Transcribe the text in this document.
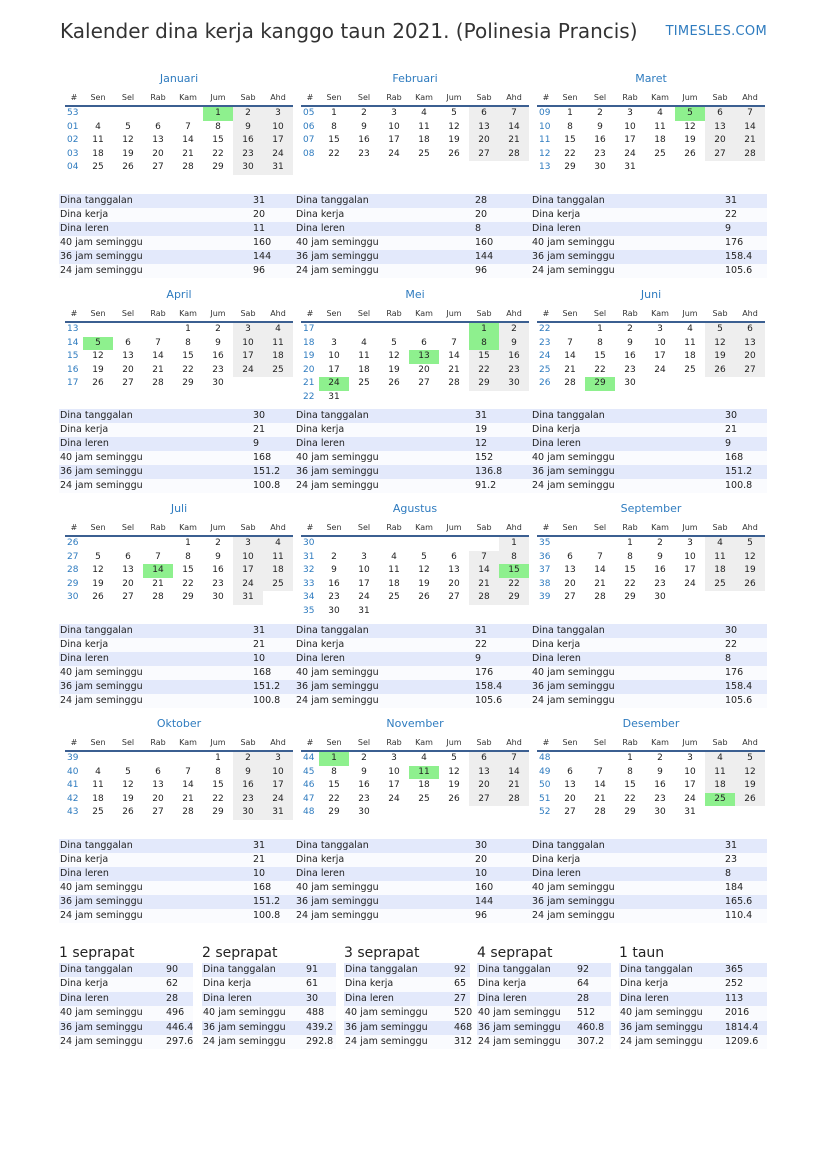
Kalender dina kerja kanggo taun 2021. (Polinesia Prancis) TIMESLES.COM
Januari
#	Sen	Sel	Rab	Kam	Jum	Sab	Ahd
53					1	2	3
01	4	5	6	7	8	9	10
02	11	12	13	14	15	16	17
03	18	19	20	21	22	23	24
04	25	26	27	28	29	30	31
Dina tanggalan	31
Dina kerja	20
Dina leren	11
40 jam seminggu	160
36 jam seminggu	144
24 jam seminggu	96
Februari
#	Sen	Sel	Rab	Kam	Jum	Sab	Ahd
05	1	2	3	4	5	6	7
06	8	9	10	11	12	13	14
07	15	16	17	18	19	20	21
08	22	23	24	25	26	27	28
Dina tanggalan	28
Dina kerja	20
Dina leren	8
40 jam seminggu	160
36 jam seminggu	144
24 jam seminggu	96
Maret
#	Sen	Sel	Rab	Kam	Jum	Sab	Ahd
09	1	2	3	4	5	6	7
10	8	9	10	11	12	13	14
11	15	16	17	18	19	20	21
12	22	23	24	25	26	27	28
13	29	30	31				
Dina tanggalan	31
Dina kerja	22
Dina leren	9
40 jam seminggu	176
36 jam seminggu	158.4
24 jam seminggu	105.6
April
#	Sen	Sel	Rab	Kam	Jum	Sab	Ahd
13				1	2	3	4
14	5	6	7	8	9	10	11
15	12	13	14	15	16	17	18
16	19	20	21	22	23	24	25
17	26	27	28	29	30		
Dina tanggalan	30
Dina kerja	21
Dina leren	9
40 jam seminggu	168
36 jam seminggu	151.2
24 jam seminggu	100.8
Mei
#	Sen	Sel	Rab	Kam	Jum	Sab	Ahd
17						1	2
18	3	4	5	6	7	8	9
19	10	11	12	13	14	15	16
20	17	18	19	20	21	22	23
21	24	25	26	27	28	29	30
22	31						
Dina tanggalan	31
Dina kerja	19
Dina leren	12
40 jam seminggu	152
36 jam seminggu	136.8
24 jam seminggu	91.2
Juni
#	Sen	Sel	Rab	Kam	Jum	Sab	Ahd
22		1	2	3	4	5	6
23	7	8	9	10	11	12	13
24	14	15	16	17	18	19	20
25	21	22	23	24	25	26	27
26	28	29	30				
Dina tanggalan	30
Dina kerja	21
Dina leren	9
40 jam seminggu	168
36 jam seminggu	151.2
24 jam seminggu	100.8
Juli
#	Sen	Sel	Rab	Kam	Jum	Sab	Ahd
26				1	2	3	4
27	5	6	7	8	9	10	11
28	12	13	14	15	16	17	18
29	19	20	21	22	23	24	25
30	26	27	28	29	30	31	
Dina tanggalan	31
Dina kerja	21
Dina leren	10
40 jam seminggu	168
36 jam seminggu	151.2
24 jam seminggu	100.8
Agustus
#	Sen	Sel	Rab	Kam	Jum	Sab	Ahd
30							1
31	2	3	4	5	6	7	8
32	9	10	11	12	13	14	15
33	16	17	18	19	20	21	22
34	23	24	25	26	27	28	29
35	30	31					
Dina tanggalan	31
Dina kerja	22
Dina leren	9
40 jam seminggu	176
36 jam seminggu	158.4
24 jam seminggu	105.6
September
#	Sen	Sel	Rab	Kam	Jum	Sab	Ahd
35			1	2	3	4	5
36	6	7	8	9	10	11	12
37	13	14	15	16	17	18	19
38	20	21	22	23	24	25	26
39	27	28	29	30			
Dina tanggalan	30
Dina kerja	22
Dina leren	8
40 jam seminggu	176
36 jam seminggu	158.4
24 jam seminggu	105.6
Oktober
#	Sen	Sel	Rab	Kam	Jum	Sab	Ahd
39					1	2	3
40	4	5	6	7	8	9	10
41	11	12	13	14	15	16	17
42	18	19	20	21	22	23	24
43	25	26	27	28	29	30	31
Dina tanggalan	31
Dina kerja	21
Dina leren	10
40 jam seminggu	168
36 jam seminggu	151.2
24 jam seminggu	100.8
November
#	Sen	Sel	Rab	Kam	Jum	Sab	Ahd
44	1	2	3	4	5	6	7
45	8	9	10	11	12	13	14
46	15	16	17	18	19	20	21
47	22	23	24	25	26	27	28
48	29	30					
Dina tanggalan	30
Dina kerja	20
Dina leren	10
40 jam seminggu	160
36 jam seminggu	144
24 jam seminggu	96
Desember
#	Sen	Sel	Rab	Kam	Jum	Sab	Ahd
48			1	2	3	4	5
49	6	7	8	9	10	11	12
50	13	14	15	16	17	18	19
51	20	21	22	23	24	25	26
52	27	28	29	30	31		
Dina tanggalan	31
Dina kerja	23
Dina leren	8
40 jam seminggu	184
36 jam seminggu	165.6
24 jam seminggu	110.4
1 seprapat
Dina tanggalan	90
Dina kerja	62
Dina leren	28
40 jam seminggu	496
36 jam seminggu	446.4
24 jam seminggu	297.6
2 seprapat
Dina tanggalan	91
Dina kerja	61
Dina leren	30
40 jam seminggu	488
36 jam seminggu	439.2
24 jam seminggu	292.8
3 seprapat
Dina tanggalan	92
Dina kerja	65
Dina leren	27
40 jam seminggu	520
36 jam seminggu	468
24 jam seminggu	312
4 seprapat
Dina tanggalan	92
Dina kerja	64
Dina leren	28
40 jam seminggu	512
36 jam seminggu	460.8
24 jam seminggu	307.2
1 taun
Dina tanggalan	365
Dina kerja	252
Dina leren	113
40 jam seminggu	2016
36 jam seminggu	1814.4
24 jam seminggu	1209.6
